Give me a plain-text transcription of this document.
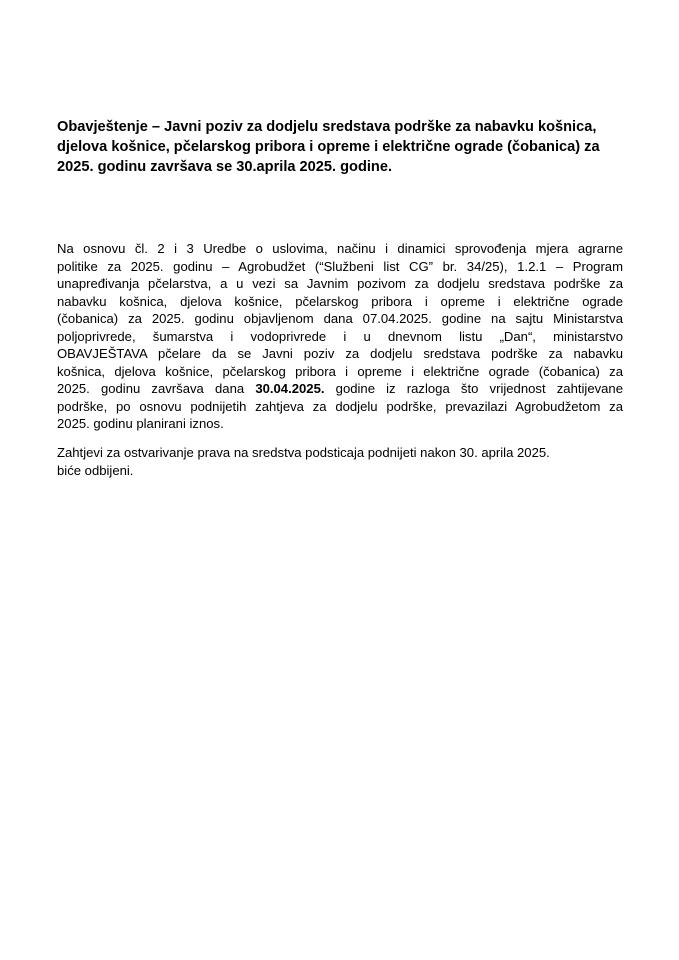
Obavještenje – Javni poziv za dodjelu sredstava podrške za nabavku košnica,
djelova košnice, pčelarskog pribora i opreme i električne ograde (čobanica) za
2025. godinu završava se 30.aprila 2025. godine.
Na osnovu čl. 2 i 3 Uredbe o uslovima, načinu i dinamici sprovođenja mjera agrarne
politike za 2025. godinu – Agrobudžet (“Službeni list CG” br. 34/25), 1.2.1 – Program
unapređivanja pčelarstva, a u vezi sa Javnim pozivom za dodjelu sredstava podrške za
nabavku košnica, djelova košnice, pčelarskog pribora i opreme i električne ograde
(čobanica) za 2025. godinu objavljenom dana 07.04.2025. godine na sajtu Ministarstva
poljoprivrede, šumarstva i vodoprivrede i u dnevnom listu „Dan“, ministarstvo
OBAVJEŠTAVA pčelare da se Javni poziv za dodjelu sredstava podrške za nabavku
košnica, djelova košnice, pčelarskog pribora i opreme i električne ograde (čobanica) za
2025. godinu završava dana 30.04.2025. godine iz razloga što vrijednost zahtijevane
podrške, po osnovu podnijetih zahtjeva za dodjelu podrške, prevazilazi Agrobudžetom za
2025. godinu planirani iznos.
Zahtjevi za ostvarivanje prava na sredstva podsticaja podnijeti nakon 30. aprila 2025.
biće odbijeni.
